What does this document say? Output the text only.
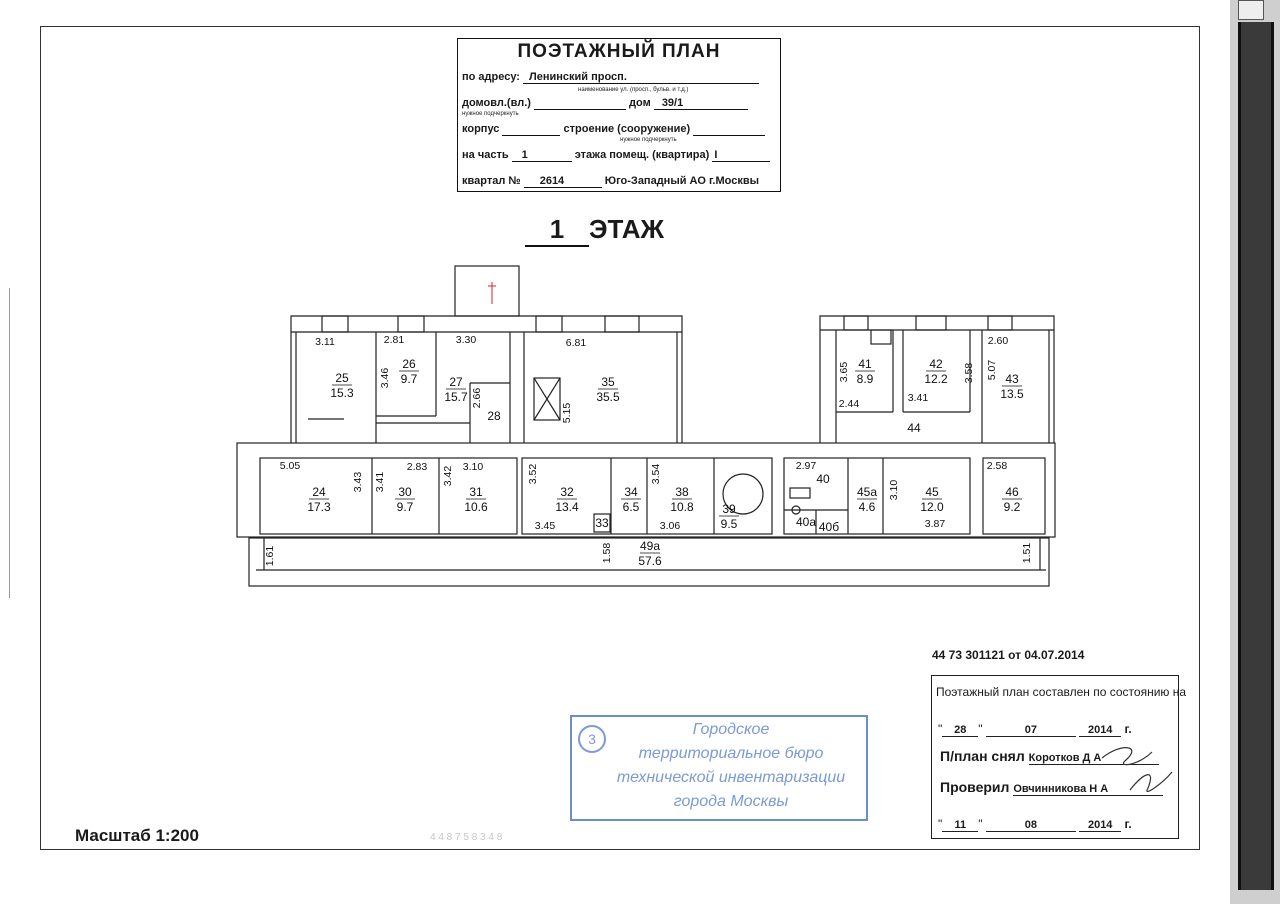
ПОЭТАЖНЫЙ ПЛАН
по адресу: Ленинский просп.
наименование ул. (просп., бульв. и т.д.)
домовл.(вл.)	дом 39/1
нужное подчеркнуть
корпус	строение (сооружение)
нужное подчеркнуть
на часть 1	этажа помещ. (квартира) I
квартал № 2614	Юго-Западный АО г.Москвы
1 ЭТАЖ
25
15.3
26
9.7	27
15.7
28
35
35.5
41
8.9
42
12.2	43
13.5
44
24
17.3
30
9.7
31
10.6
32
13.4
33
34
6.5
38
10.8 39
9.5
40
40а 40б
45а
4.6
45
12.0
46
9.2
49а
57.6
3.11	2.81	3.30	6.81
3.46
2.66
5.15
3.65	3.58 5.07
2.60
2.44	3.41
5.05
3.43 3.41
2.83 3.42 3.10	3.52	3.54
3.45	3.06
1.58
2.97
3.10
3.87
2.58
1.61	1.51
44 73 301121 от 04.07.2014
Поэтажный план составлен по состоянию на
" 28 "	07	2014 г.
П/план снял Коротков Д А
Проверил Овчинникова Н А
" 11 "	08	2014 г.
3
Городское
территориальное бюро
технической инвентаризации
города Москвы
Масштаб 1:200	4 4 8 7 5 8 3 4 8
